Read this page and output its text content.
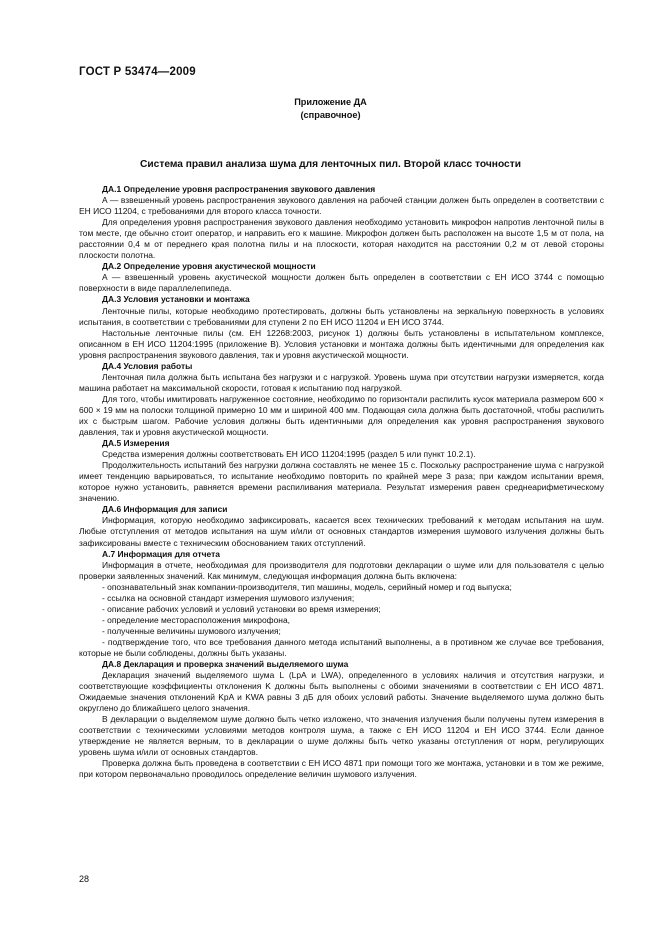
ГОСТ Р 53474—2009
Приложение ДА
(справочное)
Система правил анализа шума для ленточных пил. Второй класс точности

ДА.1 Определение уровня распространения звукового давления

A — взвешенный уровень распространения звукового давления на рабочей станции должен быть определен в соответствии с ЕН ИСО 11204, с требованиями для второго класса точности.

Для определения уровня распространения звукового давления необходимо установить микрофон напротив ленточной пилы в том месте, где обычно стоит оператор, и направить его к машине. Микрофон должен быть расположен на высоте 1,5 м от пола, на расстоянии 0,4 м от переднего края полотна пилы и на плоскости, которая находится на расстоянии 0,2 м от левой стороны плоскости полотна.

ДА.2 Определение уровня акустической мощности

A — взвешенный уровень акустической мощности должен быть определен в соответствии с ЕН ИСО 3744 с помощью поверхности в виде параллелепипеда.

ДА.3 Условия установки и монтажа

Ленточные пилы, которые необходимо протестировать, должны быть установлены на зеркальную поверхность в условиях испытания, в соответствии с требованиями для ступени 2 по ЕН ИСО 11204 и ЕН ИСО 3744.

Настольные ленточные пилы (см. ЕН 12268:2003, рисунок 1) должны быть установлены в испытательном комплексе, описанном в ЕН ИСО 11204:1995 (приложение В). Условия установки и монтажа должны быть идентичными для определения как уровня распространения звукового давления, так и уровня акустической мощности.

ДА.4 Условия работы

Ленточная пила должна быть испытана без нагрузки и с нагрузкой. Уровень шума при отсутствии нагрузки измеряется, когда машина работает на максимальной скорости, готовая к испытанию под нагрузкой.

Для того, чтобы имитировать нагруженное состояние, необходимо по горизонтали распилить кусок материала размером 600 × 600 × 19 мм на полоски толщиной примерно 10 мм и шириной 400 мм. Подающая сила должна быть достаточной, чтобы распилить их с быстрым шагом. Рабочие условия должны быть идентичными для определения как уровня распространения звукового давления, так и уровня акустической мощности.

ДА.5 Измерения

Средства измерения должны соответствовать ЕН ИСО 11204:1995 (раздел 5 или пункт 10.2.1).

Продолжительность испытаний без нагрузки должна составлять не менее 15 с. Поскольку распространение шума с нагрузкой имеет тенденцию варьироваться, то испытание необходимо повторить по крайней мере 3 раза; при каждом испытании время, которое нужно установить, равняется времени распиливания материала. Результат измерения равен среднеарифметическому значению.

ДА.6 Информация для записи

Информация, которую необходимо зафиксировать, касается всех технических требований к методам испытания на шум. Любые отступления от методов испытания на шум и/или от основных стандартов измерения шумового излучения должны быть зафиксированы вместе с техническим обоснованием таких отступлений.

А.7 Информация для отчета

Информация в отчете, необходимая для производителя для подготовки декларации о шуме или для пользователя с целью проверки заявленных значений. Как минимум, следующая информация должна быть включена:

- опознавательный знак компании-производителя, тип машины, модель, серийный номер и год выпуска;

- ссылка на основной стандарт измерения шумового излучения;

- описание рабочих условий и условий установки во время измерения;

- определение месторасположения микрофона,

- полученные величины шумового излучения;

- подтверждение того, что все требования данного метода испытаний выполнены, а в противном же случае все требования, которые не были соблюдены, должны быть указаны.

ДА.8 Декларация и проверка значений выделяемого шума

Декларация значений выделяемого шума L (LpA и LWA), определенного в условиях наличия и отсутствия нагрузки, и соответствующие коэффициенты отклонения K должны быть выполнены с обоими значениями в соответствии с ЕН ИСО 4871. Ожидаемые значения отклонений KpA и KWA равны 3 дБ для обоих условий работы. Значение выделяемого шума должно быть округлено до ближайшего целого значения.

В декларации о выделяемом шуме должно быть четко изложено, что значения излучения были получены путем измерения в соответствии с техническими условиями методов контроля шума, а также с ЕН ИСО 11204 и ЕН ИСО 3744. Если данное утверждение не является верным, то в декларации о шуме должны быть четко указаны отступления от норм, регулирующих уровень шума и/или от основных стандартов.

Проверка должна быть проведена в соответствии с ЕН ИСО 4871 при помощи того же монтажа, установки и в том же режиме, при котором первоначально проводилось определение величин шумового излучения.

28
